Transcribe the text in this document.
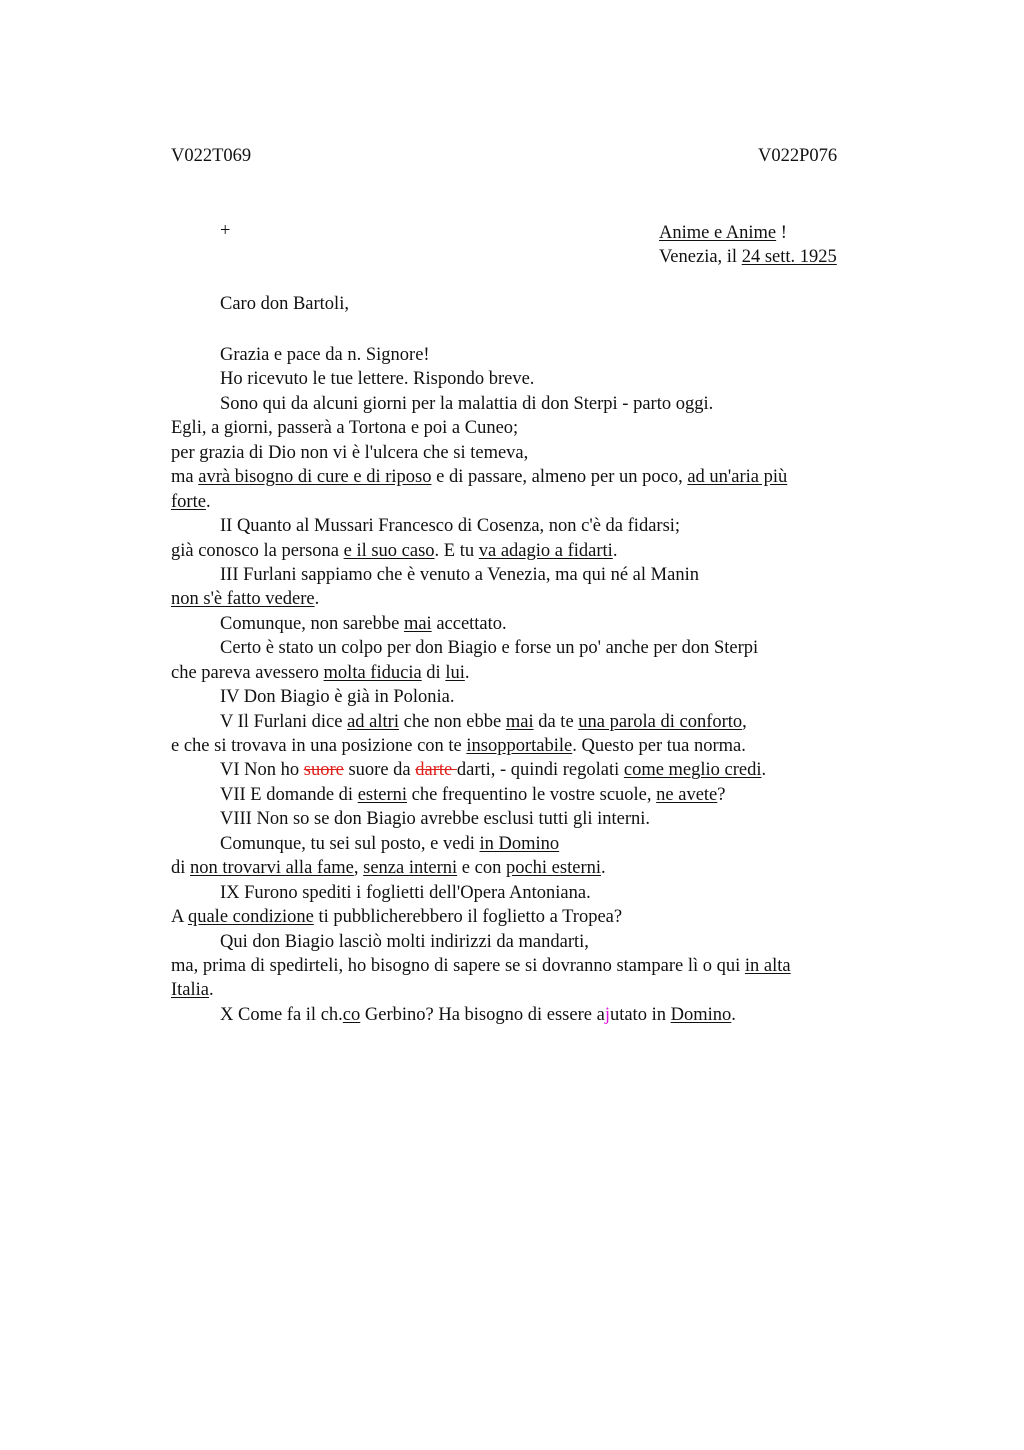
V022T069	V022P076
+	Anime e Anime !
Venezia, il 24 sett. 1925
Caro don Bartoli,
Grazia e pace da n. Signore!
Ho ricevuto le tue lettere. Rispondo breve.
Sono qui da alcuni giorni per la malattia di don Sterpi - parto oggi.
Egli, a giorni, passerà a Tortona e poi a Cuneo;
per grazia di Dio non vi è l'ulcera che si temeva,
ma avrà bisogno di cure e di riposo e di passare, almeno per un poco, ad un'aria più
forte.
II Quanto al Mussari Francesco di Cosenza, non c'è da fidarsi;
già conosco la persona e il suo caso. E tu va adagio a fidarti.
III Furlani sappiamo che è venuto a Venezia, ma qui né al Manin
non s'è fatto vedere.
Comunque, non sarebbe mai accettato.
Certo è stato un colpo per don Biagio e forse un po' anche per don Sterpi
che pareva avessero molta fiducia di lui.
IV Don Biagio è già in Polonia.
V Il Furlani dice ad altri che non ebbe mai da te una parola di conforto,
e che si trovava in una posizione con te insopportabile. Questo per tua norma.
VI Non ho suore suore da darte darti, - quindi regolati come meglio credi.
VII E domande di esterni che frequentino le vostre scuole, ne avete?
VIII Non so se don Biagio avrebbe esclusi tutti gli interni.
Comunque, tu sei sul posto, e vedi in Domino
di non trovarvi alla fame, senza interni e con pochi esterni.
IX Furono spediti i foglietti dell'Opera Antoniana.
A quale condizione ti pubblicherebbero il foglietto a Tropea?
Qui don Biagio lasciò molti indirizzi da mandarti,
ma, prima di spedirteli, ho bisogno di sapere se si dovranno stampare lì o qui in alta
Italia.
X Come fa il ch.co Gerbino? Ha bisogno di essere ajutato in Domino.
